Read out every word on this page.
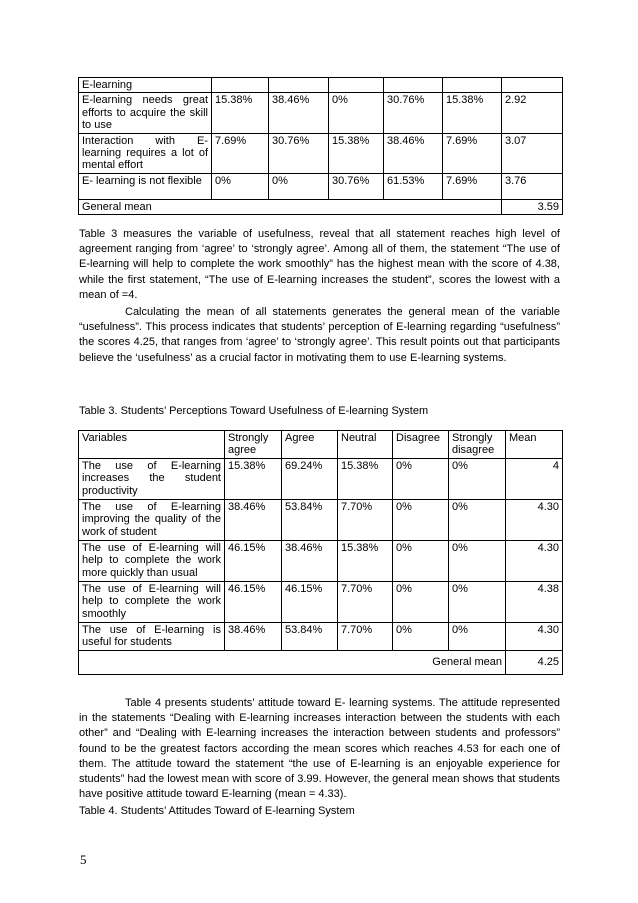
E-learning						
E-learning needs great efforts to acquire the skill to use	15.38%	38.46%	0%	30.76%	15.38%	2.92
Interaction with E-learning requires a lot of mental effort	7.69%	30.76%	15.38%	38.46%	7.69%	3.07
E- learning is not flexible	0%	0%	30.76%	61.53%	7.69%	3.76
General mean						3.59

Table 3 measures the variable of usefulness, reveal that all statement reaches high level of agreement ranging from ‘agree’ to ‘strongly agree’. Among all of them, the statement “The use of E-learning will help to complete the work smoothly” has the highest mean with the score of 4.38, while the first statement, “The use of E-learning increases the student”, scores the lowest with a mean of =4.

Calculating the mean of all statements generates the general mean of the variable “usefulness”. This process indicates that students’ perception of E-learning regarding “usefulness” the scores 4.25, that ranges from ‘agree’ to ‘strongly agree’. This result points out that participants believe the ‘usefulness’ as a crucial factor in motivating them to use E-learning systems.

Table 3. Students’ Perceptions Toward Usefulness of E-learning System

Variables	Strongly agree	Agree	Neutral	Disagree	Strongly disagree	Mean
The use of E-learning increases the student productivity	15.38%	69.24%	15.38%	0%	0%	4
The use of E-learning improving the quality of the work of student	38.46%	53.84%	7.70%	0%	0%	4.30
The use of E-learning will help to complete the work more quickly than usual	46.15%	38.46%	15.38%	0%	0%	4.30
The use of E-learning will help to complete the work smoothly	46.15%	46.15%	7.70%	0%	0%	4.38
The use of E-learning is useful for students	38.46%	53.84%	7.70%	0%	0%	4.30
General mean						4.25

Table 4 presents students’ attitude toward E- learning systems. The attitude represented in the statements “Dealing with E-learning increases interaction between the students with each other” and “Dealing with E-learning increases the interaction between students and professors” found to be the greatest factors according the mean scores which reaches 4.53 for each one of them. The attitude toward the statement “the use of E-learning is an enjoyable experience for students” had the lowest mean with score of 3.99. However, the general mean shows that students have positive attitude toward E-learning (mean = 4.33).

Table 4. Students’ Attitudes Toward of E-learning System

5
